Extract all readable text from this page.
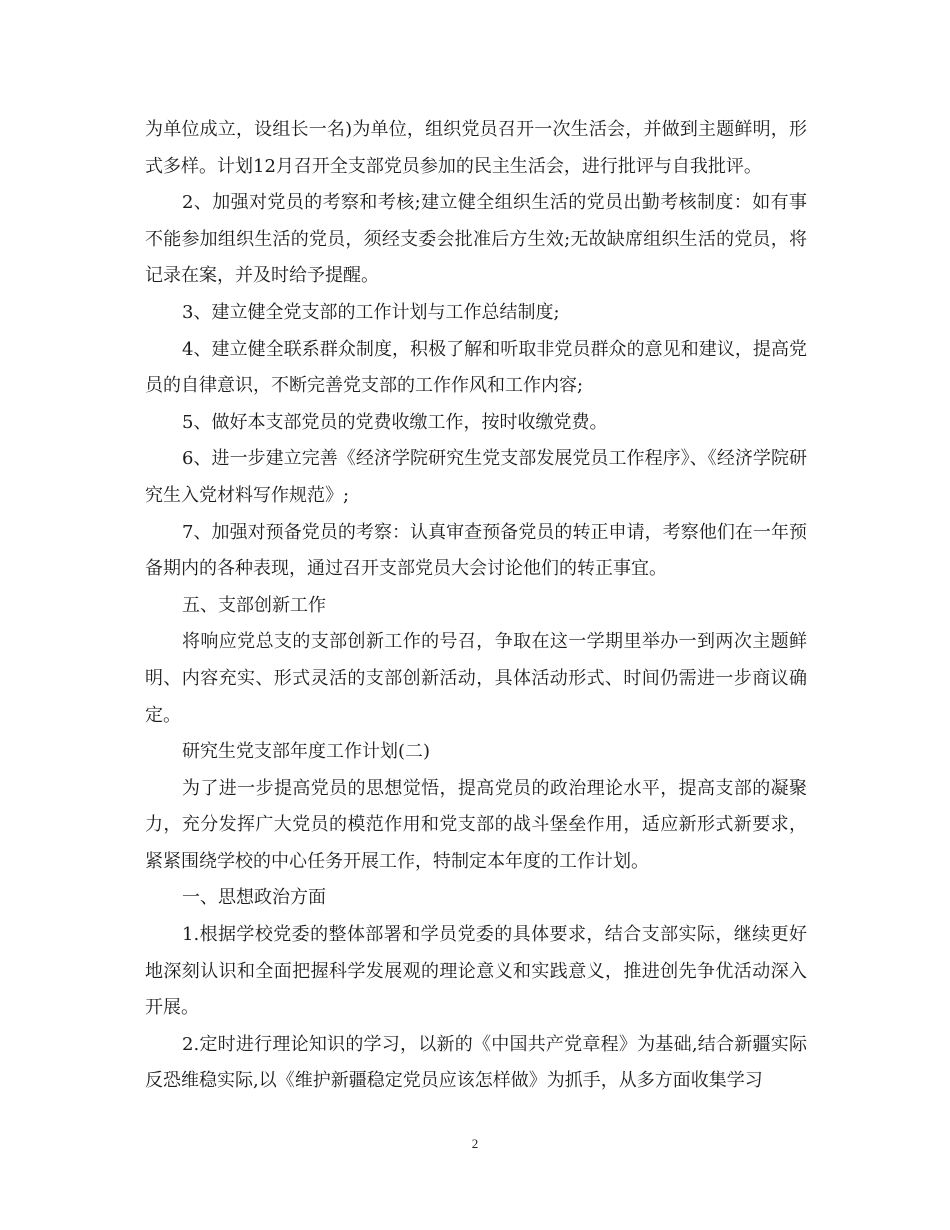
为单位成立，设组长一名)为单位，组织党员召开一次生活会，并做到主题鲜明，形式多样。计划12月召开全支部党员参加的民主生活会，进行批评与自我批评。

2、加强对党员的考察和考核;建立健全组织生活的党员出勤考核制度：如有事不能参加组织生活的党员，须经支委会批准后方生效;无故缺席组织生活的党员，将记录在案，并及时给予提醒。

3、建立健全党支部的工作计划与工作总结制度;

4、建立健全联系群众制度，积极了解和听取非党员群众的意见和建议，提高党员的自律意识，不断完善党支部的工作作风和工作内容;

5、做好本支部党员的党费收缴工作，按时收缴党费。

6、进一步建立完善《经济学院研究生党支部发展党员工作程序》、《经济学院研究生入党材料写作规范》;

7、加强对预备党员的考察：认真审查预备党员的转正申请，考察他们在一年预备期内的各种表现，通过召开支部党员大会讨论他们的转正事宜。

五、支部创新工作

将响应党总支的支部创新工作的号召，争取在这一学期里举办一到两次主题鲜明、内容充实、形式灵活的支部创新活动，具体活动形式、时间仍需进一步商议确定。

研究生党支部年度工作计划(二)

为了进一步提高党员的思想觉悟，提高党员的政治理论水平，提高支部的凝聚力，充分发挥广大党员的模范作用和党支部的战斗堡垒作用，适应新形式新要求，紧紧围绕学校的中心任务开展工作，特制定本年度的工作计划。

一、思想政治方面

1.根据学校党委的整体部署和学员党委的具体要求，结合支部实际，继续更好地深刻认识和全面把握科学发展观的理论意义和实践意义，推进创先争优活动深入开展。

2.定时进行理论知识的学习，以新的《中国共产党章程》为基础,结合新疆实际反恐维稳实际,以《维护新疆稳定党员应该怎样做》为抓手，从多方面收集学习

2
